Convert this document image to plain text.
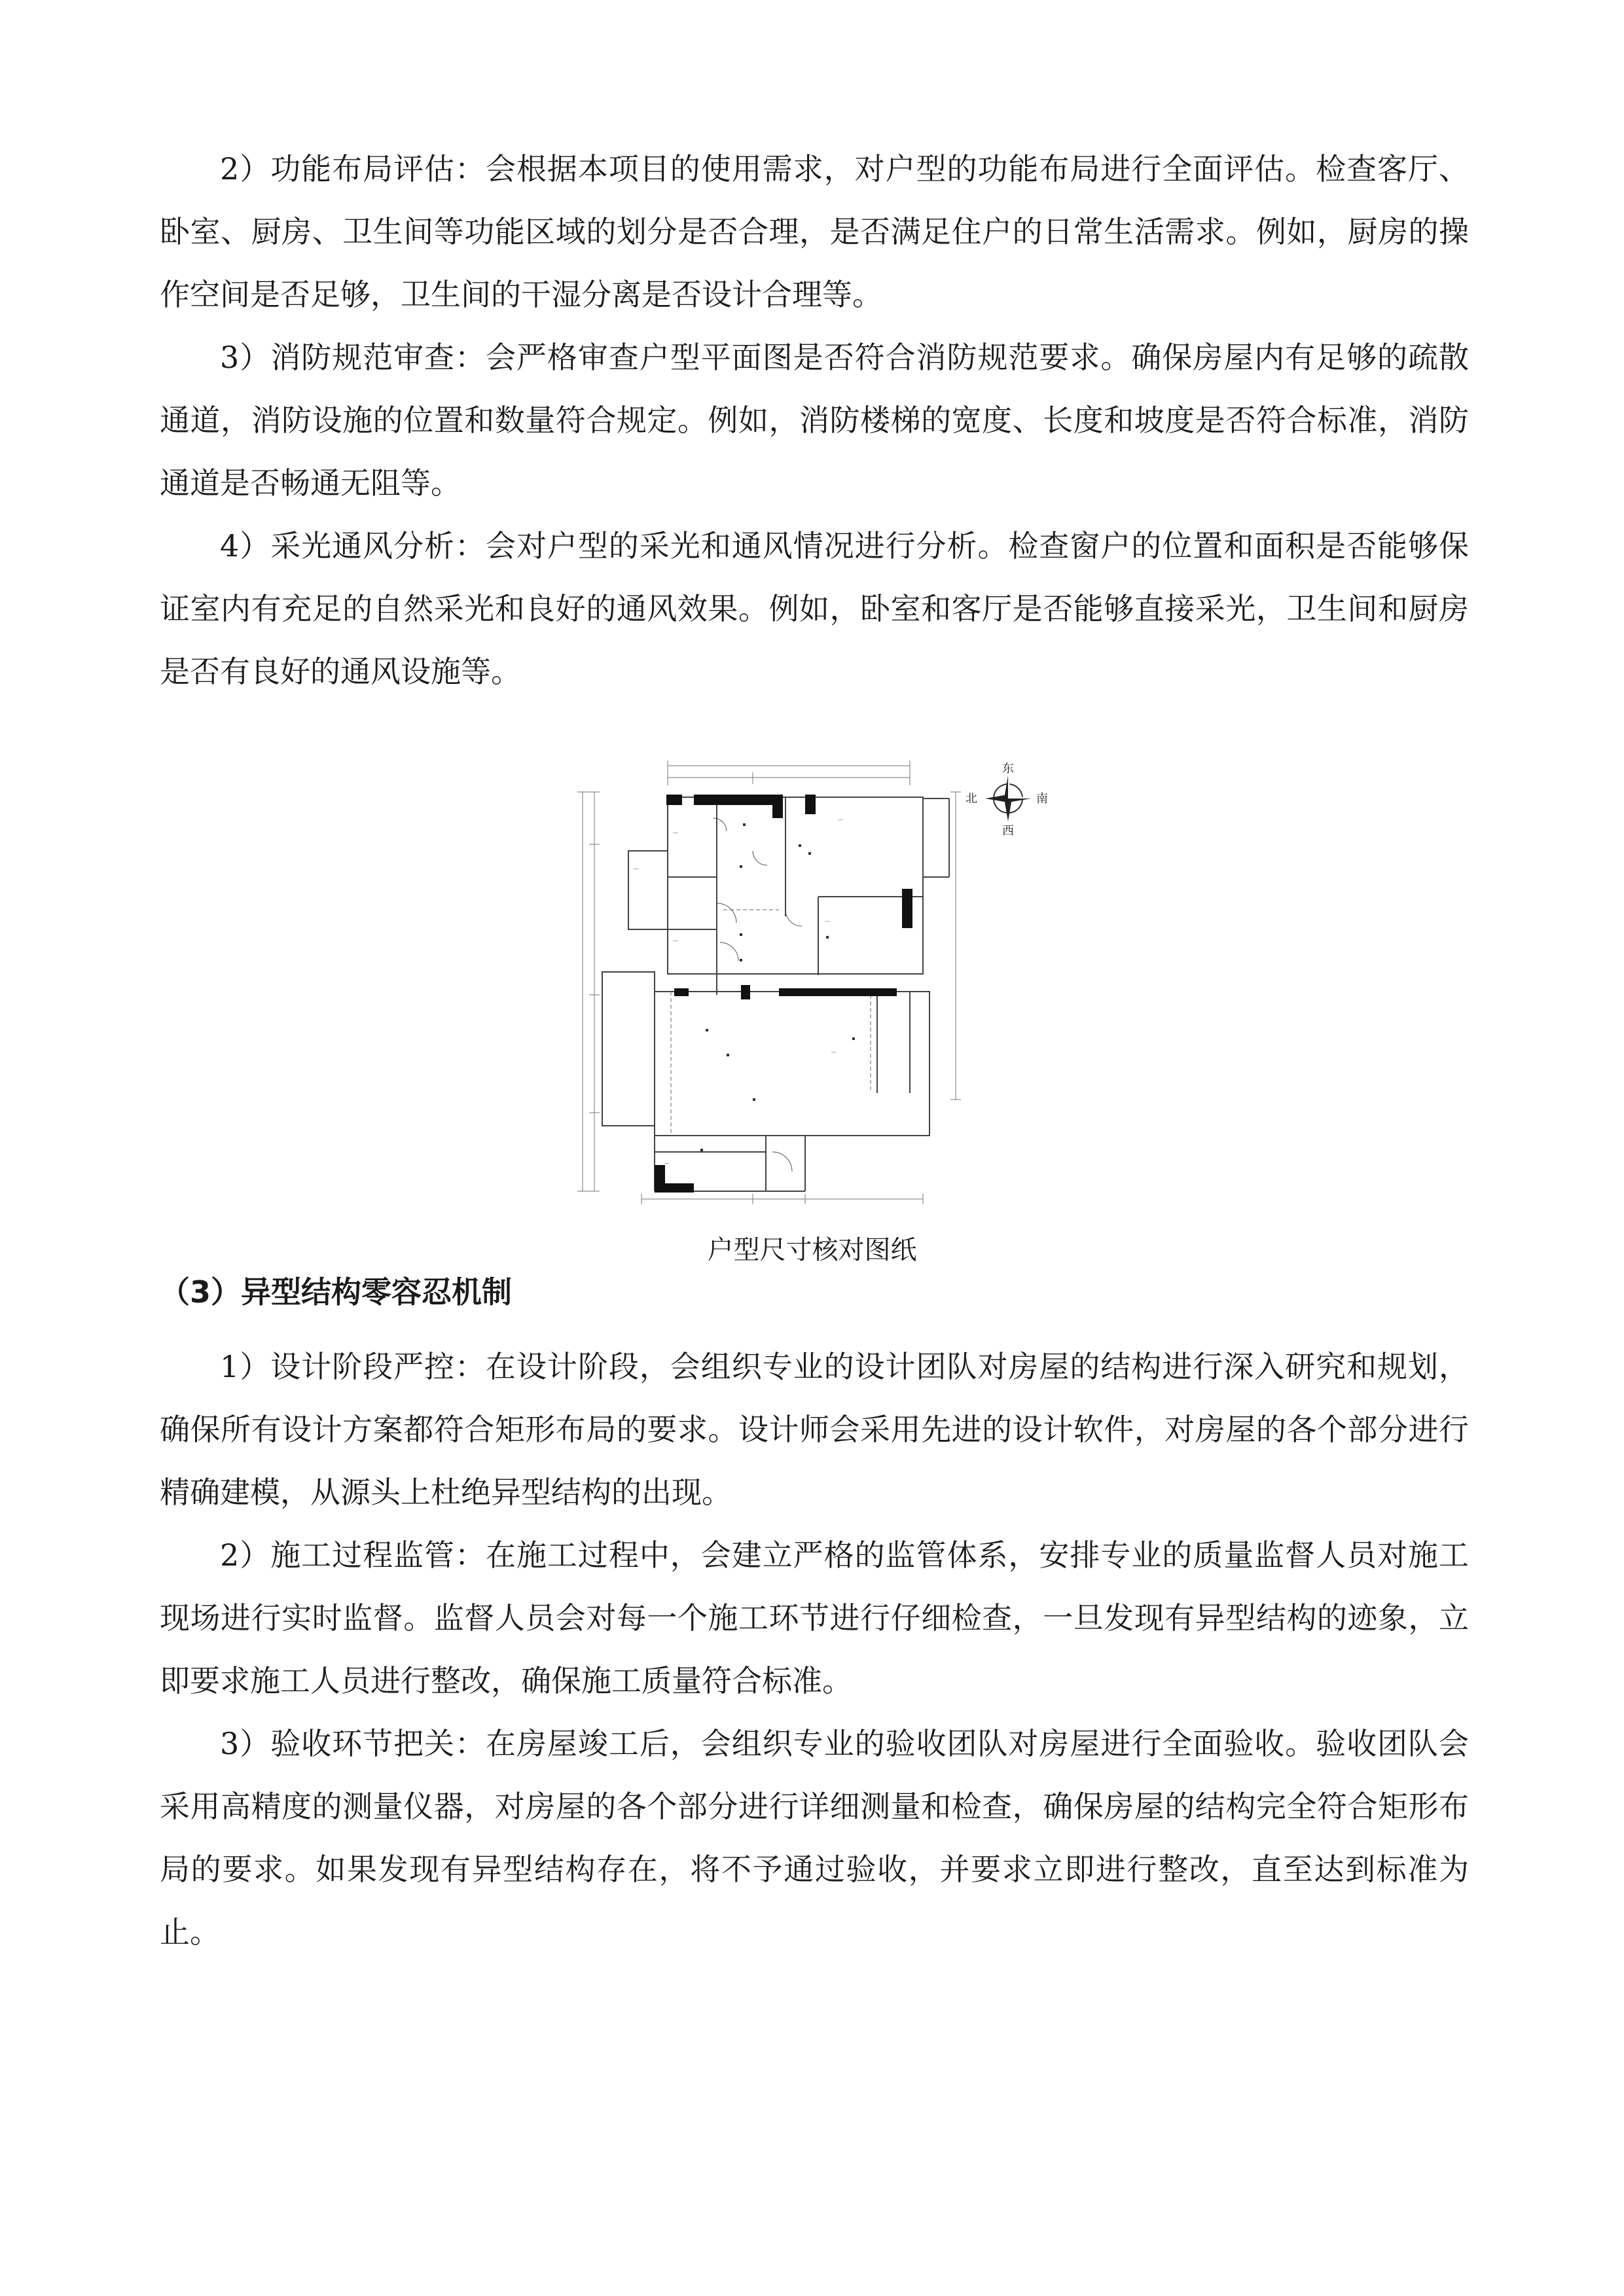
2）功能布局评估：会根据本项目的使用需求，对户型的功能布局进行全面评估。检查客厅、卧室、厨房、卫生间等功能区域的划分是否合理，是否满足住户的日常生活需求。例如，厨房的操作空间是否足够，卫生间的干湿分离是否设计合理等。

3）消防规范审查：会严格审查户型平面图是否符合消防规范要求。确保房屋内有足够的疏散通道，消防设施的位置和数量符合规定。例如，消防楼梯的宽度、长度和坡度是否符合标准，消防通道是否畅通无阻等。

4）采光通风分析：会对户型的采光和通风情况进行分析。检查窗户的位置和面积是否能够保证室内有充足的自然采光和良好的通风效果。例如，卧室和客厅是否能够直接采光，卫生间和厨房是否有良好的通风设施等。

---
---
---
---
---
---
---
东
南
西
北
户型尺寸核对图纸
（3）异型结构零容忍机制

1）设计阶段严控：在设计阶段，会组织专业的设计团队对房屋的结构进行深入研究和规划，确保所有设计方案都符合矩形布局的要求。设计师会采用先进的设计软件，对房屋的各个部分进行精确建模，从源头上杜绝异型结构的出现。

2）施工过程监管：在施工过程中，会建立严格的监管体系，安排专业的质量监督人员对施工现场进行实时监督。监督人员会对每一个施工环节进行仔细检查，一旦发现有异型结构的迹象，立即要求施工人员进行整改，确保施工质量符合标准。

3）验收环节把关：在房屋竣工后，会组织专业的验收团队对房屋进行全面验收。验收团队会采用高精度的测量仪器，对房屋的各个部分进行详细测量和检查，确保房屋的结构完全符合矩形布局的要求。如果发现有异型结构存在，将不予通过验收，并要求立即进行整改，直至达到标准为止。
